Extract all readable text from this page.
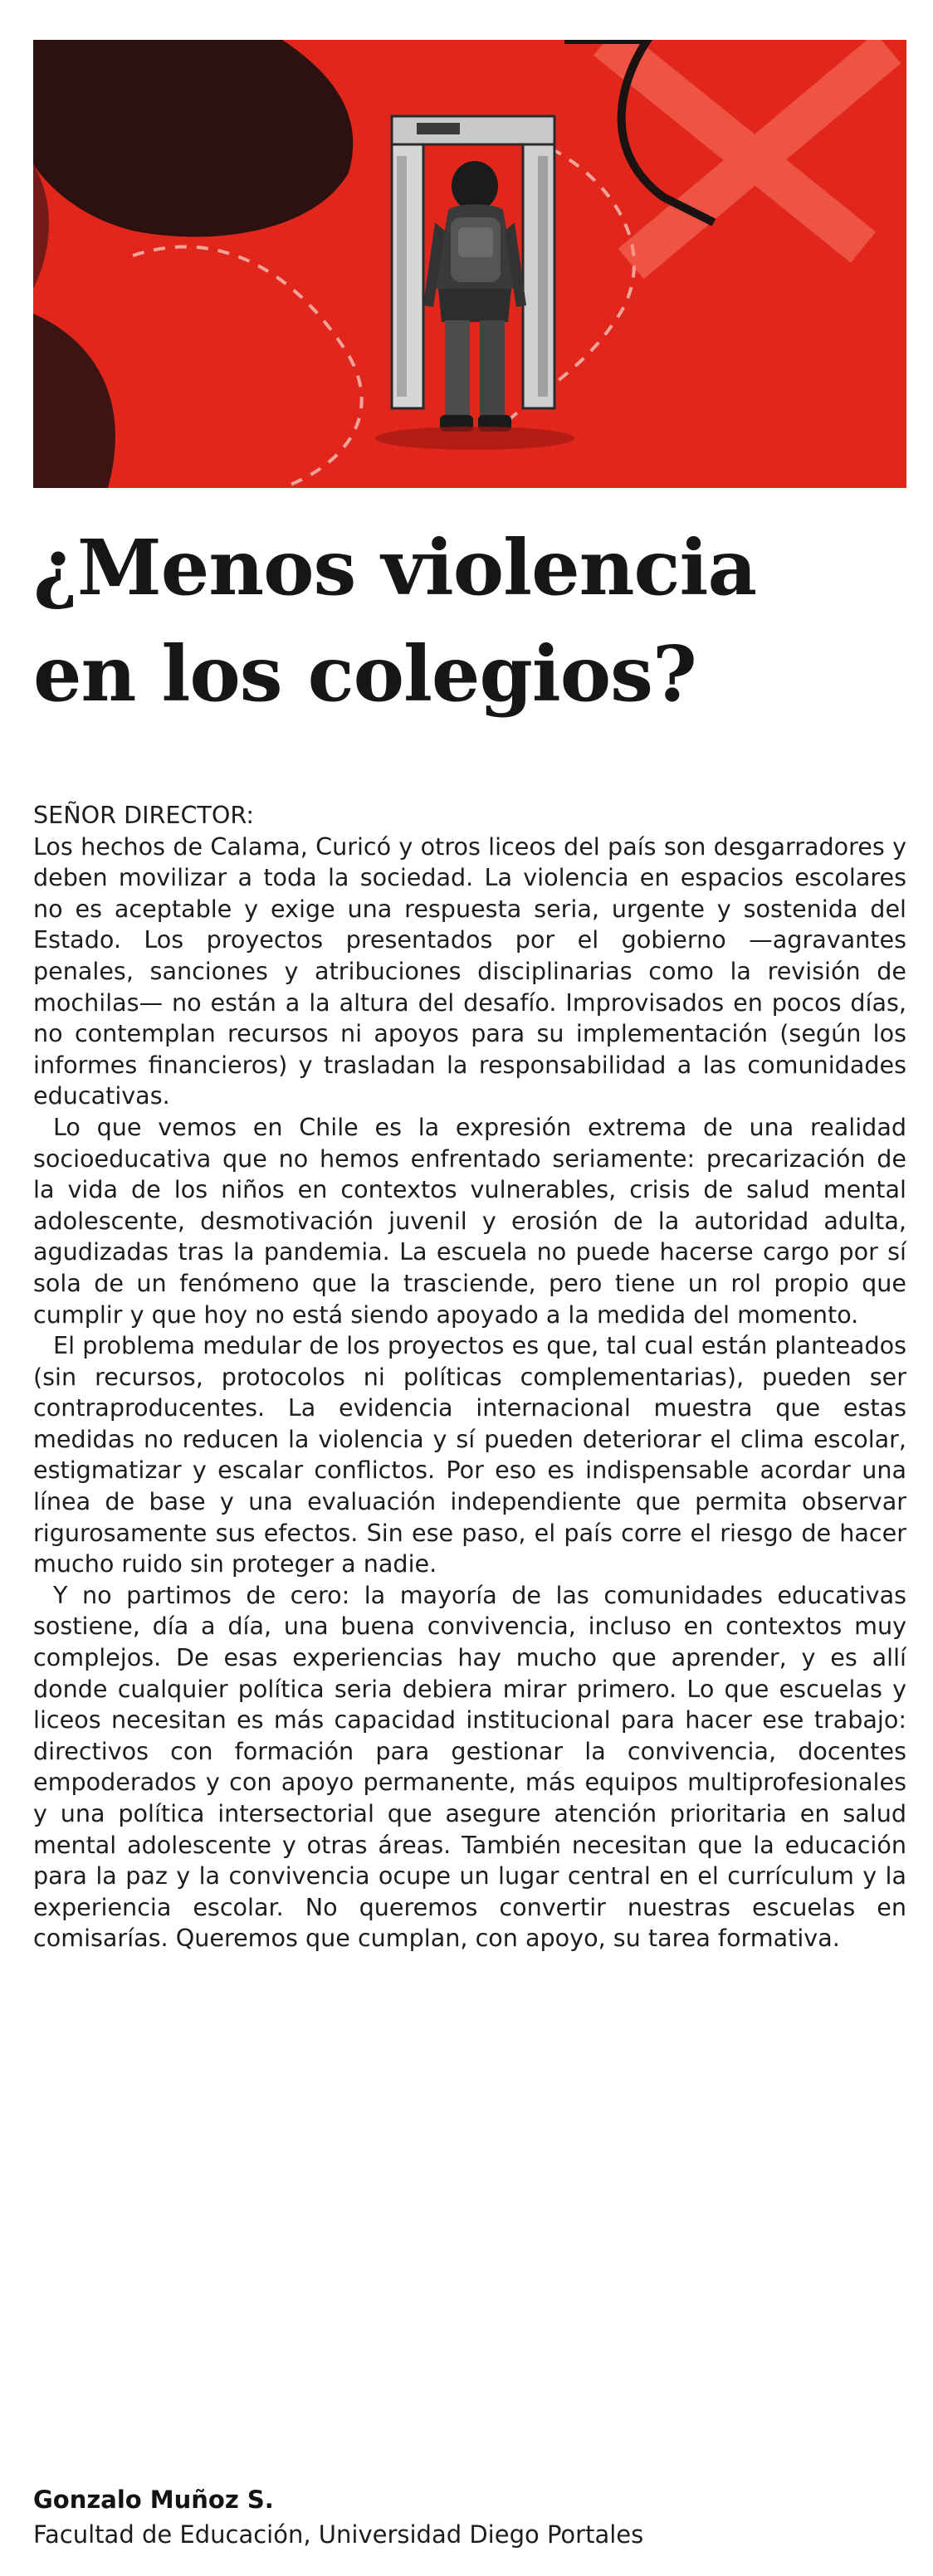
¿Menos violencia
en los colegios?

SEÑOR DIRECTOR:

Los hechos de Calama, Curicó y otros liceos del país son desgarradores y deben movilizar a toda la sociedad. La violencia en espacios escolares no es aceptable y exige una respuesta seria, urgente y sostenida del Estado. Los proyectos presentados por el gobierno —agravantes penales, sanciones y atribuciones disciplinarias como la revisión de mochilas— no están a la altura del desafío. Improvisados en pocos días, no contemplan recursos ni apoyos para su implementación (según los informes financieros) y trasladan la responsabilidad a las comunidades educativas.

Lo que vemos en Chile es la expresión extrema de una realidad socioeducativa que no hemos enfrentado seriamente: precarización de la vida de los niños en contextos vulnerables, crisis de salud mental adolescente, desmotivación juvenil y erosión de la autoridad adulta, agudizadas tras la pandemia. La escuela no puede hacerse cargo por sí sola de un fenómeno que la trasciende, pero tiene un rol propio que cumplir y que hoy no está siendo apoyado a la medida del momento.

El problema medular de los proyectos es que, tal cual están planteados (sin recursos, protocolos ni políticas complementarias), pueden ser contraproducentes. La evidencia internacional muestra que estas medidas no reducen la violencia y sí pueden deteriorar el clima escolar, estigmatizar y escalar conflictos. Por eso es indispensable acordar una línea de base y una evaluación independiente que permita observar rigurosamente sus efectos. Sin ese paso, el país corre el riesgo de hacer mucho ruido sin proteger a nadie.

Y no partimos de cero: la mayoría de las comunidades educativas sostiene, día a día, una buena convivencia, incluso en contextos muy complejos. De esas experiencias hay mucho que aprender, y es allí donde cualquier política seria debiera mirar primero. Lo que escuelas y liceos necesitan es más capacidad institucional para hacer ese trabajo: directivos con formación para gestionar la convivencia, docentes empoderados y con apoyo permanente, más equipos multiprofesionales y una política intersectorial que asegure atención prioritaria en salud mental adolescente y otras áreas. También necesitan que la educación para la paz y la convivencia ocupe un lugar central en el currículum y la experiencia escolar. No queremos convertir nuestras escuelas en comisarías. Queremos que cumplan, con apoyo, su tarea formativa.

Gonzalo Muñoz S.
Facultad de Educación, Universidad Diego Portales
